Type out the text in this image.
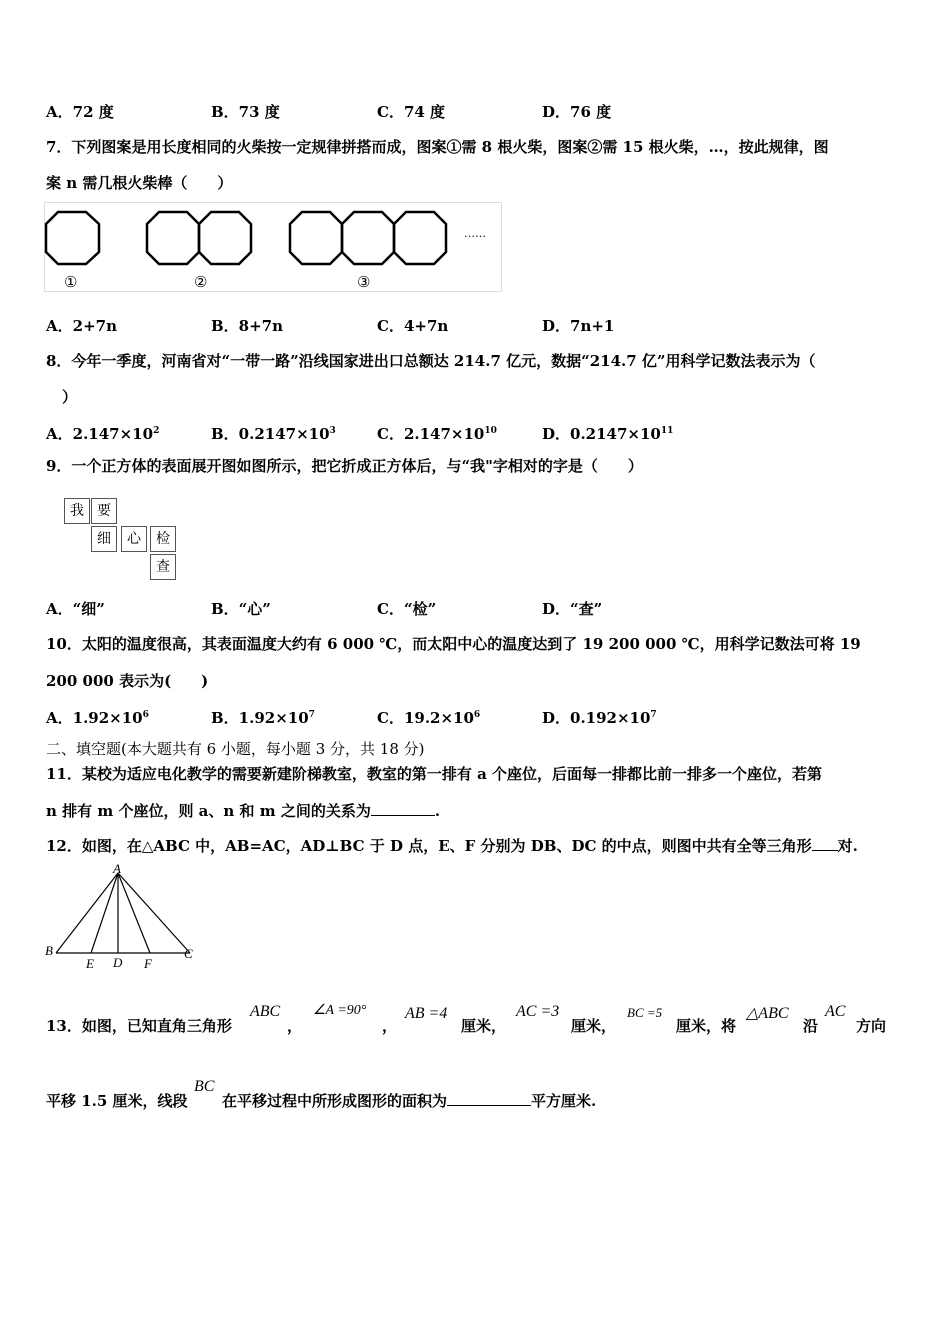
A．72 度	B．73 度	C．74 度	D．76 度
7．下列图案是用长度相同的火柴按一定规律拼搭而成，图案①需 8 根火柴，图案②需 15 根火柴，…，按此规律，图
案 n 需几根火柴棒（　　）
……
①	②	③
A．2+7n	B．8+7n	C．4+7n	D．7n+1
8．今年一季度，河南省对“一带一路”沿线国家进出口总额达 214.7 亿元，数据“214.7 亿”用科学记数法表示为（
）
A．$2.147\times 10^2$	B．$0.2147\times 10^3$	C．$2.147\times 10^{10}$	D．$0.2147\times 10^{11}$
9．一个正方体的表面展开图如图所示，把它折成正方体后，与“我"字相对的字是（　　）
我 要
细	心	检
查
A．“细”	B．“心”	C．“检”	D．“查”
10．太阳的温度很高，其表面温度大约有 6 000 ℃，而太阳中心的温度达到了 19 200 000 ℃，用科学记数法可将 19
200 000 表示为(　　)
A．$1.92\times 10^6$	B．$1.92\times 10^7$	C．$19.2\times 10^6$	D．$0.192\times 10^7$
二、填空题(本大题共有 6 小题，每小题 3 分，共 18 分)
11．某校为适应电化教学的需要新建阶梯教室，教室的第一排有 a 个座位，后面每一排都比前一排多一个座位，若第
n 排有 m 个座位，则 a、n 和 m 之间的关系为	.
12．如图，在△ABC 中，AB=AC，AD⊥BC 于 D 点，E、F 分别为 DB、DC 的中点，则图中共有全等三角形 对.
A
B
E D F
C
13．如图，已知直角三角形
ABC
，
∠A =90°
，
AB =4
厘米，
AC =3
厘米，
BC =5
厘米，将
△ABC
沿
AC
方向
平移 1.5 厘米，线段
BC
在平移过程中所形成图形的面积为	平方厘米.
